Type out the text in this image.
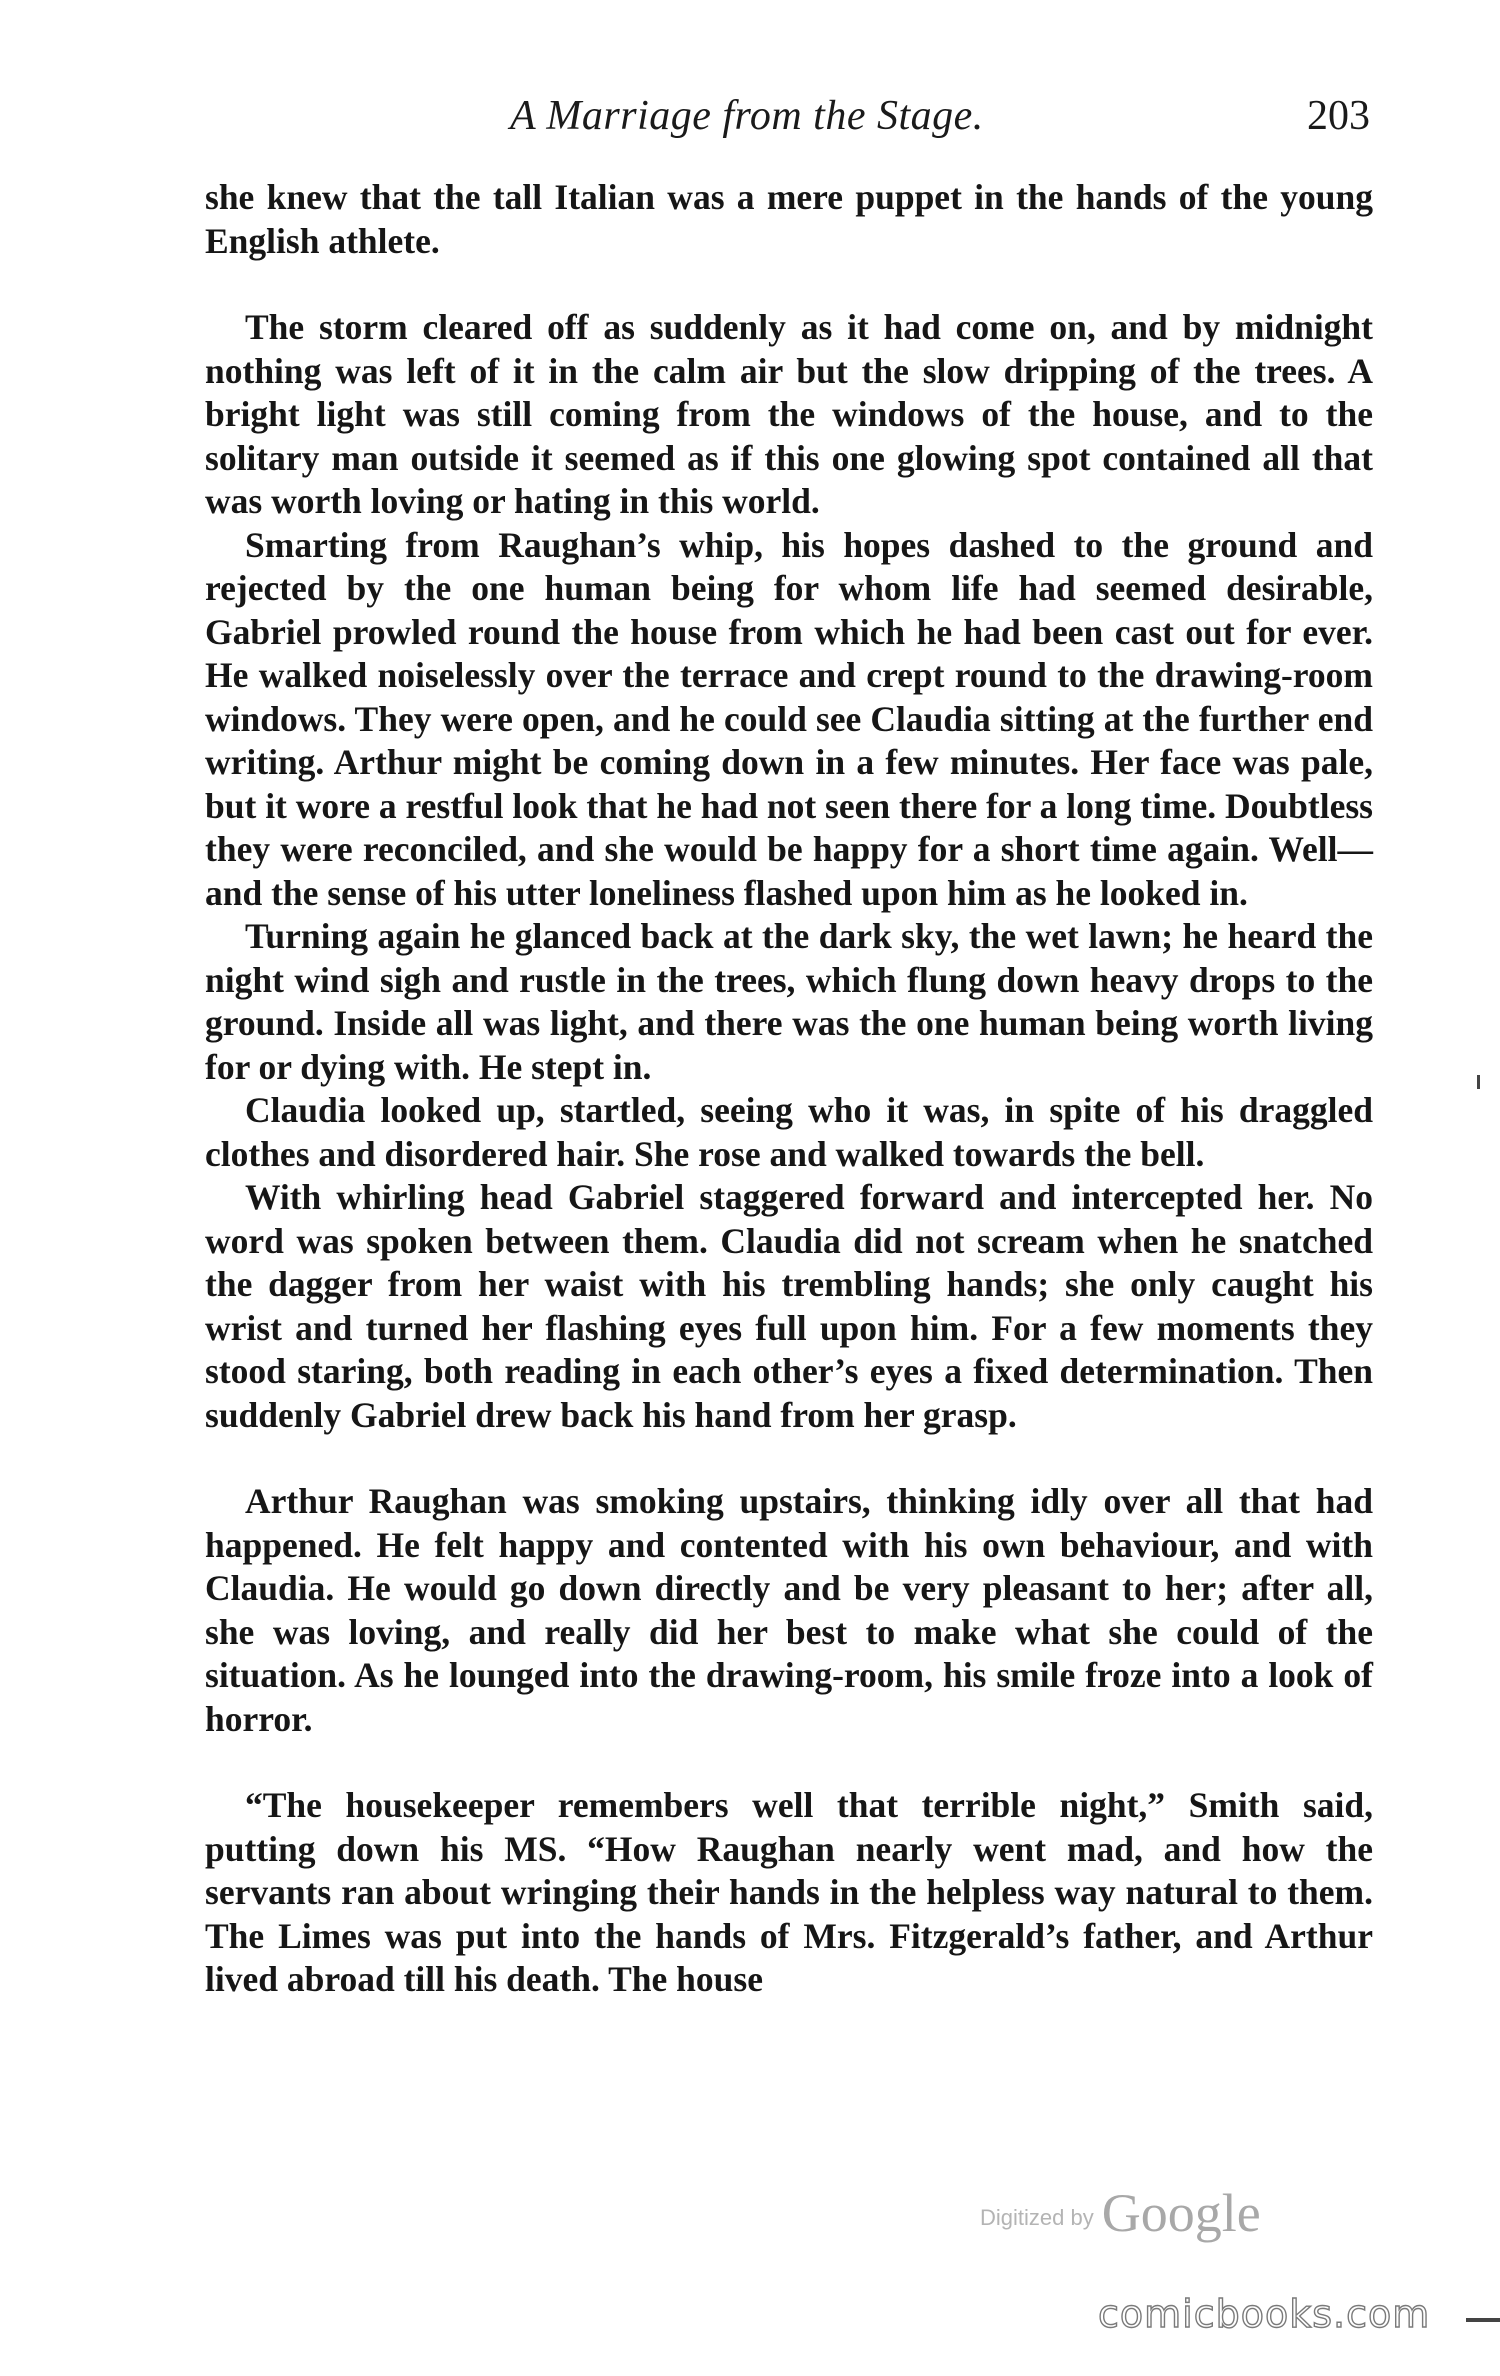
A Marriage from the Stage.	203

she knew that the tall Italian was a mere puppet in the hands of the young English athlete.

The storm cleared off as suddenly as it had come on, and by midnight nothing was left of it in the calm air but the slow dripping of the trees. A bright light was still coming from the windows of the house, and to the solitary man outside it seemed as if this one glowing spot contained all that was worth loving or hating in this world.

Smarting from Raughan’s whip, his hopes dashed to the ground and rejected by the one human being for whom life had seemed desirable, Gabriel prowled round the house from which he had been cast out for ever. He walked noiselessly over the terrace and crept round to the drawing-room windows. They were open, and he could see Claudia sitting at the further end writing. Arthur might be coming down in a few minutes. Her face was pale, but it wore a restful look that he had not seen there for a long time. Doubtless they were reconciled, and she would be happy for a short time again. Well—and the sense of his utter loneliness flashed upon him as he looked in.

Turning again he glanced back at the dark sky, the wet lawn; he heard the night wind sigh and rustle in the trees, which flung down heavy drops to the ground. Inside all was light, and there was the one human being worth living for or dying with. He stept in.

Claudia looked up, startled, seeing who it was, in spite of his draggled clothes and disordered hair. She rose and walked towards the bell.

With whirling head Gabriel staggered forward and intercepted her. No word was spoken between them. Claudia did not scream when he snatched the dagger from her waist with his trembling hands; she only caught his wrist and turned her flashing eyes full upon him. For a few moments they stood staring, both reading in each other’s eyes a fixed determination. Then suddenly Gabriel drew back his hand from her grasp.

Arthur Raughan was smoking upstairs, thinking idly over all that had happened. He felt happy and contented with his own behaviour, and with Claudia. He would go down directly and be very pleasant to her; after all, she was loving, and really did her best to make what she could of the situation. As he lounged into the drawing-room, his smile froze into a look of horror.

“The housekeeper remembers well that terrible night,” Smith said, putting down his MS. “How Raughan nearly went mad, and how the servants ran about wringing their hands in the helpless way natural to them. The Limes was put into the hands of Mrs. Fitzgerald’s father, and Arthur lived abroad till his death. The house

Digitized by Google
comicbooks.com
